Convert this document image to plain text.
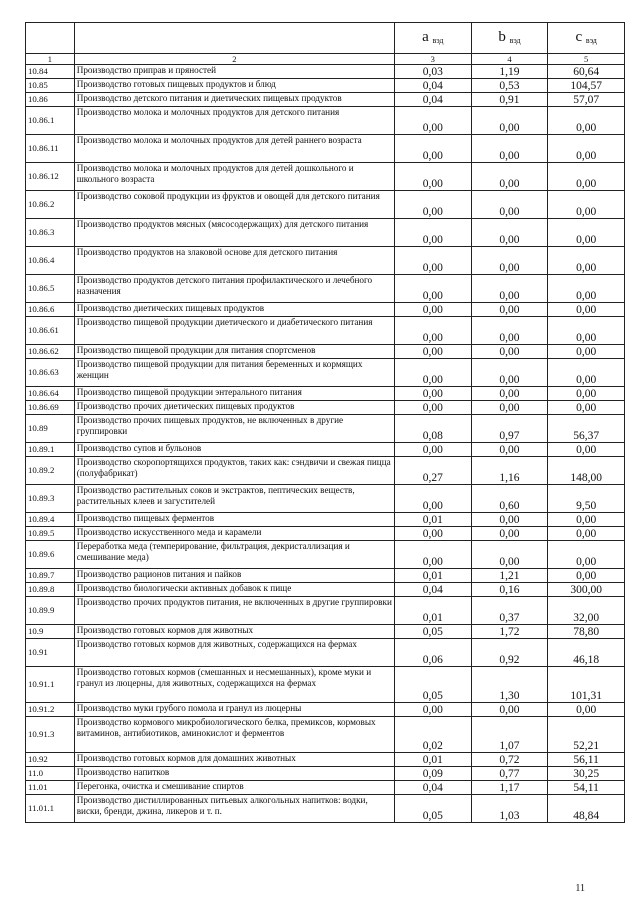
		a $_{вэд}$	b $_{вэд}$	c $_{вэд}$
1	2	3	4	5
10.84	Производство приправ и пряностей	0,03	1,19	60,64
10.85	Производство готовых пищевых продуктов и блюд	0,04	0,53	104,57
10.86	Производство детского питания и диетических пищевых продуктов	0,04	0,91	57,07
10.86.1	Производство молока и молочных продуктов для детского питания	0,00	0,00	0,00
10.86.11	Производство молока и молочных продуктов для детей раннего возраста	0,00	0,00	0,00
10.86.12	Производство молока и молочных продуктов для детей дошкольного и школьного возраста	0,00	0,00	0,00
10.86.2	Производство соковой продукции из фруктов и овощей для детского питания	0,00	0,00	0,00
10.86.3	Производство продуктов мясных (мясосодержащих) для детского питания	0,00	0,00	0,00
10.86.4	Производство продуктов на злаковой основе для детского питания	0,00	0,00	0,00
10.86.5	Производство продуктов детского питания профилактического и лечебного назначения	0,00	0,00	0,00
10.86.6	Производство диетических пищевых продуктов	0,00	0,00	0,00
10.86.61	Производство пищевой продукции диетического и диабетического питания	0,00	0,00	0,00
10.86.62	Производство пищевой продукции для питания спортсменов	0,00	0,00	0,00
10.86.63	Производство пищевой продукции для питания беременных и кормящих женщин	0,00	0,00	0,00
10.86.64	Производство пищевой продукции энтерального питания	0,00	0,00	0,00
10.86.69	Производство прочих диетических пищевых продуктов	0,00	0,00	0,00
10.89	Производство прочих пищевых продуктов, не включенных в другие группировки	0,08	0,97	56,37
10.89.1	Производство супов и бульонов	0,00	0,00	0,00
10.89.2	Производство скоропортящихся продуктов, таких как: сэндвичи и свежая пицца (полуфабрикат)	0,27	1,16	148,00
10.89.3	Производство растительных соков и экстрактов, пептических веществ, растительных клеев и загустителей	0,00	0,60	9,50
10.89.4	Производство пищевых ферментов	0,01	0,00	0,00
10.89.5	Производство искусственного меда и карамели	0,00	0,00	0,00
10.89.6	Переработка меда (темперирование, фильтрация, декристаллизация и смешивание меда)	0,00	0,00	0,00
10.89.7	Производство рационов питания и пайков	0,01	1,21	0,00
10.89.8	Производство биологически активных добавок к пище	0,04	0,16	300,00
10.89.9	Производство прочих продуктов питания, не включенных в другие группировки	0,01	0,37	32,00
10.9	Производство готовых кормов для животных	0,05	1,72	78,80
10.91	Производство готовых кормов для животных, содержащихся на фермах	0,06	0,92	46,18
10.91.1	Производство готовых кормов (смешанных и несмешанных), кроме муки и гранул из люцерны, для животных, содержащихся на фермах	0,05	1,30	101,31
10.91.2	Производство муки грубого помола и гранул из люцерны	0,00	0,00	0,00
10.91.3	Производство кормового микробиологического белка, премиксов, кормовых витаминов, антибиотиков, аминокислот и ферментов	0,02	1,07	52,21
10.92	Производство готовых кормов для домашних животных	0,01	0,72	56,11
11.0	Производство напитков	0,09	0,77	30,25
11.01	Перегонка, очистка и смешивание спиртов	0,04	1,17	54,11
11.01.1	Производство дистиллированных питьевых алкогольных напитков: водки, виски, бренди, джина, ликеров и т. п.	0,05	1,03	48,84
11
